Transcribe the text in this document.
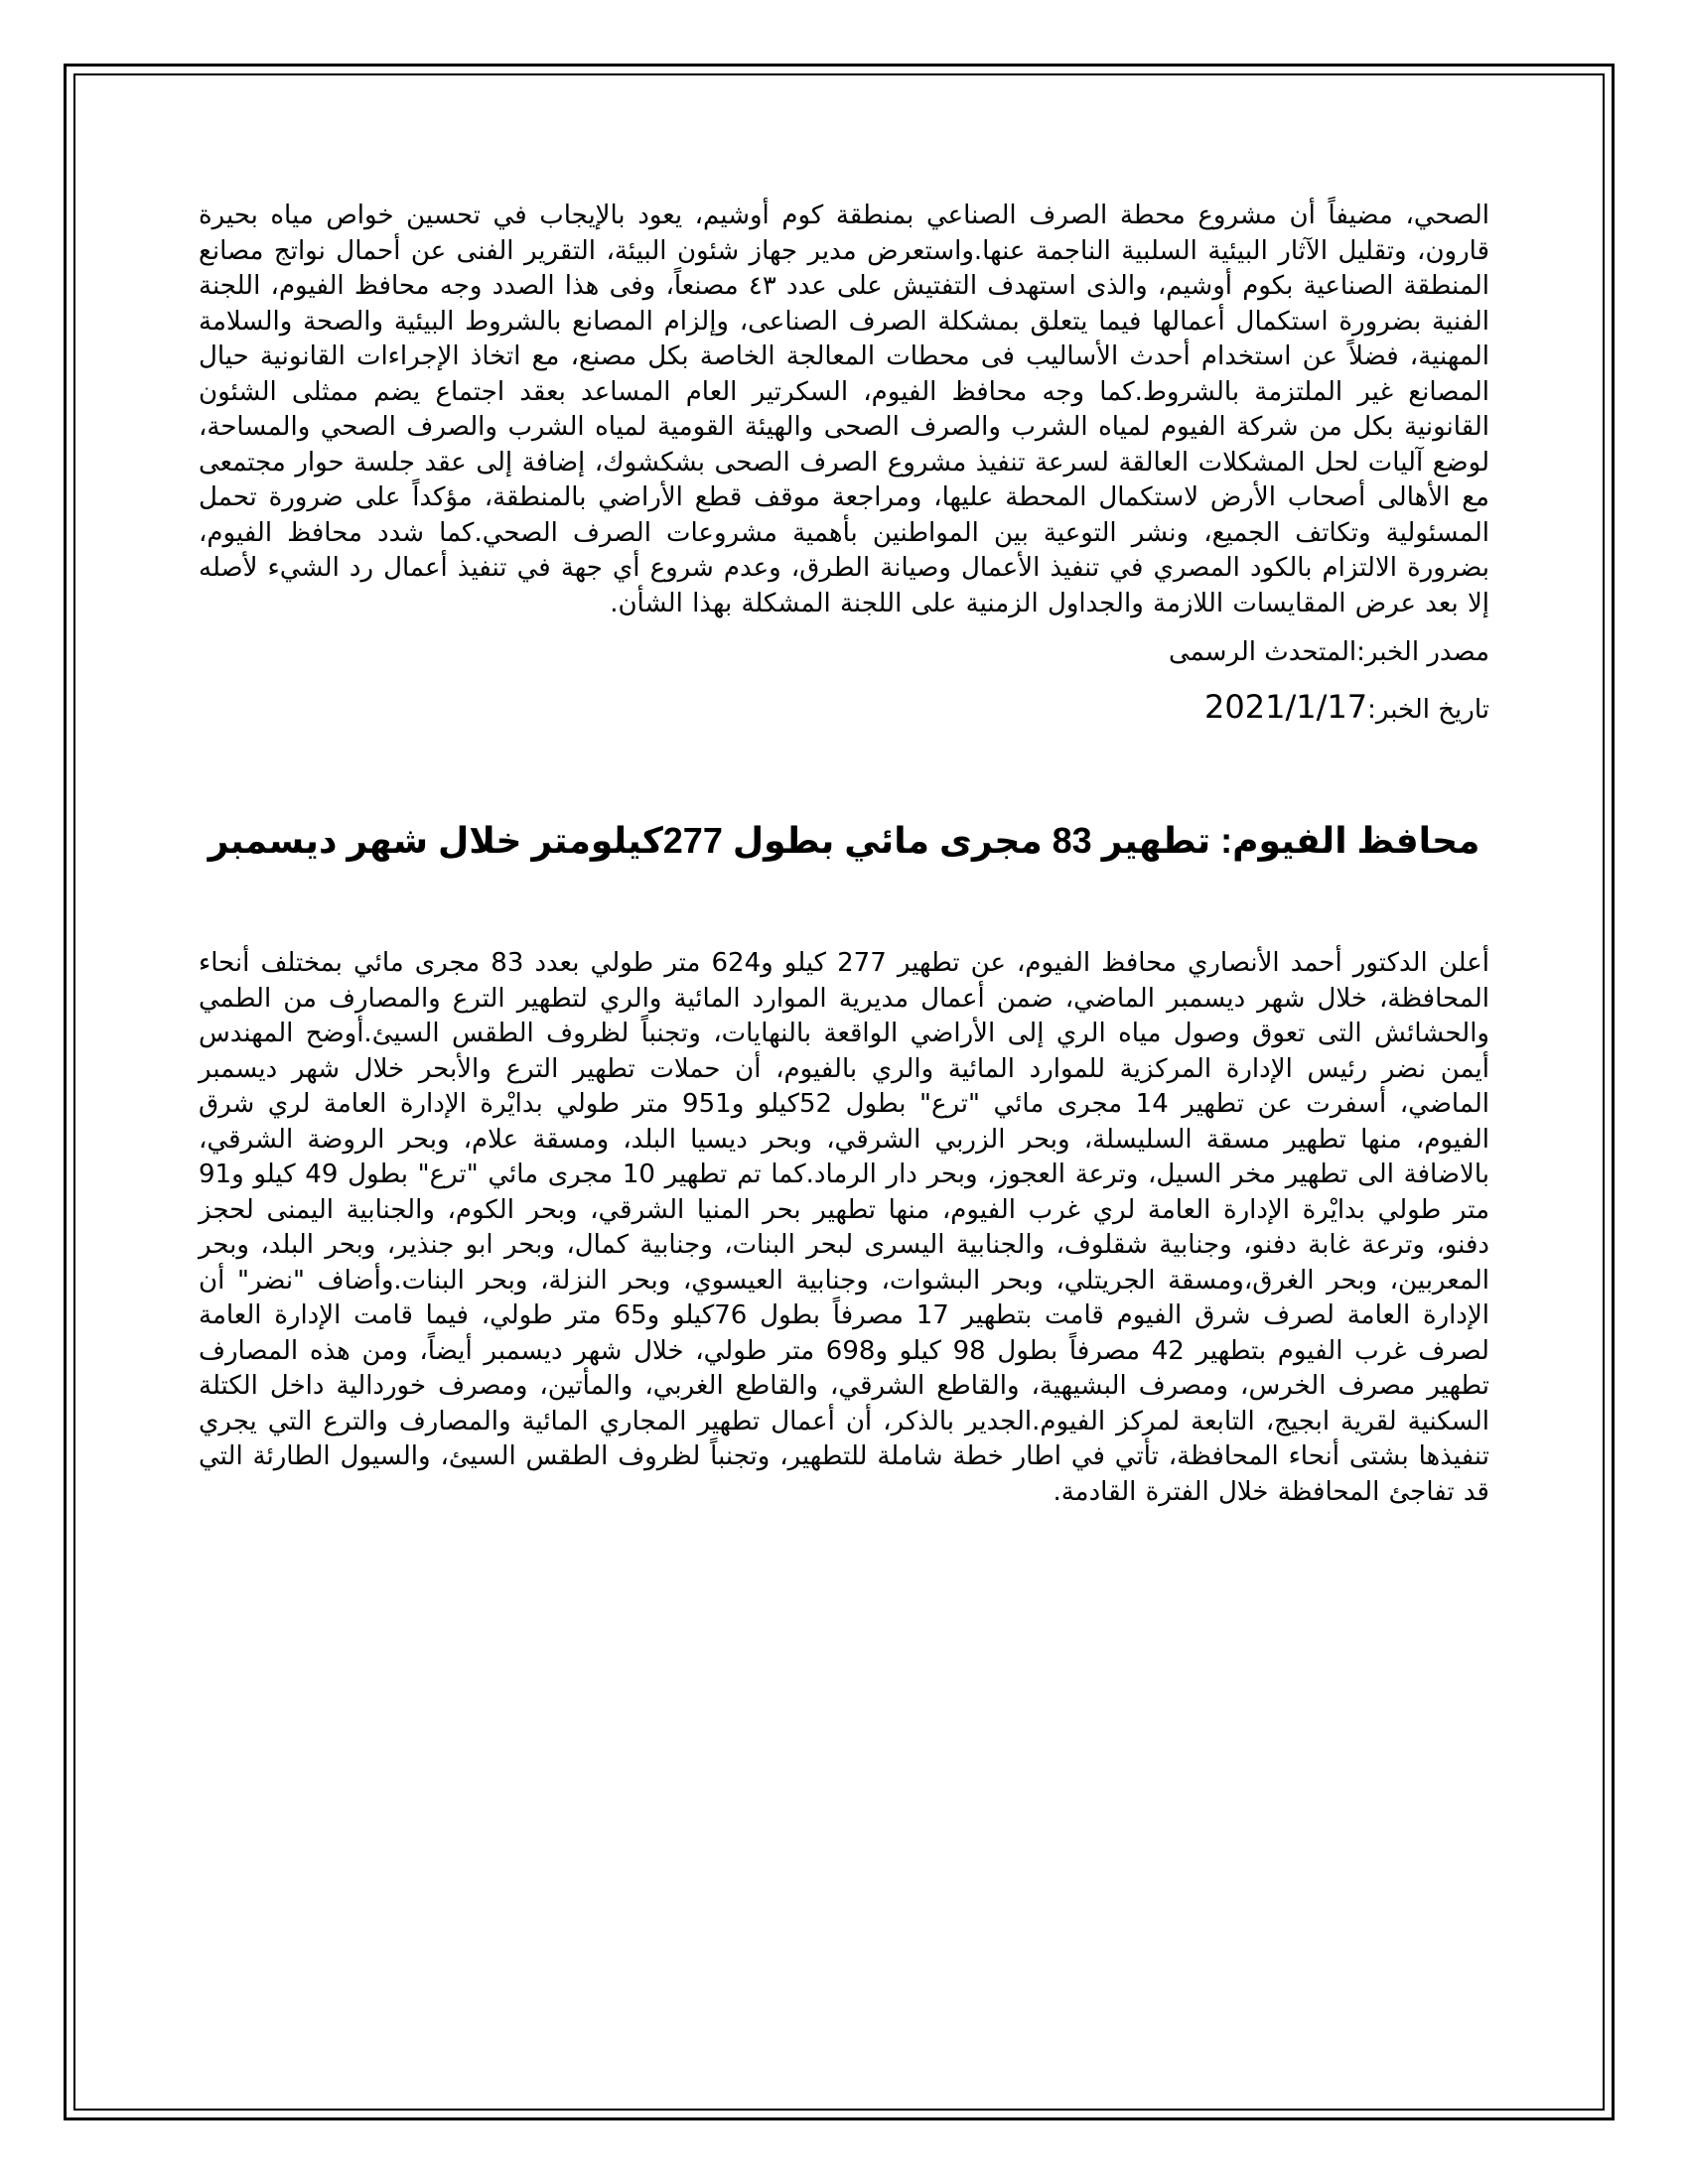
الصحي، مضيفاً أن مشروع محطة الصرف الصناعي بمنطقة كوم أوشيم، يعود بالإيجاب في تحسين خواص مياه بحيرة قارون، وتقليل الآثار البيئية السلبية الناجمة عنها.واستعرض مدير جهاز شئون البيئة، التقرير الفنى عن أحمال نواتج مصانع المنطقة الصناعية بكوم أوشيم، والذى استهدف التفتيش على عدد ٤٣ مصنعاً، وفى هذا الصدد وجه محافظ الفيوم، اللجنة الفنية بضرورة استكمال أعمالها فيما يتعلق بمشكلة الصرف الصناعى، وإلزام المصانع بالشروط البيئية والصحة والسلامة المهنية، فضلاً عن استخدام أحدث الأساليب فى محطات المعالجة الخاصة بكل مصنع، مع اتخاذ الإجراءات القانونية حيال المصانع غير الملتزمة بالشروط.كما وجه محافظ الفيوم، السكرتير العام المساعد بعقد اجتماع يضم ممثلى الشئون القانونية بكل من شركة الفيوم لمياه الشرب والصرف الصحى والهيئة القومية لمياه الشرب والصرف الصحي والمساحة، لوضع آليات لحل المشكلات العالقة لسرعة تنفيذ مشروع الصرف الصحى بشكشوك، إضافة إلى عقد جلسة حوار مجتمعى مع الأهالى أصحاب الأرض لاستكمال المحطة عليها، ومراجعة موقف قطع الأراضي بالمنطقة، مؤكداً على ضرورة تحمل المسئولية وتكاتف الجميع، ونشر التوعية بين المواطنين بأهمية مشروعات الصرف الصحي.كما شدد محافظ الفيوم، بضرورة الالتزام بالكود المصري في تنفيذ الأعمال وصيانة الطرق، وعدم شروع أي جهة في تنفيذ أعمال رد الشيء لأصله إلا بعد عرض المقايسات اللازمة والجداول الزمنية على اللجنة المشكلة بهذا الشأن.

مصدر الخبر:المتحدث الرسمى

تاريخ الخبر:2021/1/17

محافظ الفيوم: تطهير 83 مجرى مائي بطول 277كيلومتر خلال شهر ديسمبر

أعلن الدكتور أحمد الأنصاري محافظ الفيوم، عن تطهير 277 كيلو و624 متر طولي بعدد 83 مجرى مائي بمختلف أنحاء المحافظة، خلال شهر ديسمبر الماضي، ضمن أعمال مديرية الموارد المائية والري لتطهير الترع والمصارف من الطمي والحشائش التى تعوق وصول مياه الري إلى الأراضي الواقعة بالنهايات، وتجنباً لظروف الطقس السيئ.أوضح المهندس أيمن نضر رئيس الإدارة المركزية للموارد المائية والري بالفيوم، أن حملات تطهير الترع والأبحر خلال شهر ديسمبر الماضي، أسفرت عن تطهير 14 مجرى مائي "ترع" بطول 52كيلو و951 متر طولي بدايْرة الإدارة العامة لري شرق الفيوم، منها تطهير مسقة السليسلة، وبحر الزربي الشرقي، وبحر ديسيا البلد، ومسقة علام، وبحر الروضة الشرقي، بالاضافة الى تطهير مخر السيل، وترعة العجوز، وبحر دار الرماد.كما تم تطهير 10 مجرى مائي "ترع" بطول 49 كيلو و91 متر طولي بدايْرة الإدارة العامة لري غرب الفيوم، منها تطهير بحر المنيا الشرقي، وبحر الكوم، والجنابية اليمنى لحجز دفنو، وترعة غابة دفنو، وجنابية شقلوف، والجنابية اليسرى لبحر البنات، وجنابية كمال، وبحر ابو جنذير، وبحر البلد، وبحر المعربين، وبحر الغرق،ومسقة الجريتلي، وبحر البشوات، وجنابية العيسوي، وبحر النزلة، وبحر البنات.وأضاف "نضر" أن الإدارة العامة لصرف شرق الفيوم قامت بتطهير 17 مصرفاً بطول 76كيلو و65 متر طولي، فيما قامت الإدارة العامة لصرف غرب الفيوم بتطهير 42 مصرفاً بطول 98 كيلو و698 متر طولي، خلال شهر ديسمبر أيضاً، ومن هذه المصارف تطهير مصرف الخرس، ومصرف البشيهية، والقاطع الشرقي، والقاطع الغربي، والمأتين، ومصرف خوردالية داخل الكتلة السكنية لقرية ابجيج، التابعة لمركز الفيوم.الجدير بالذكر، أن أعمال تطهير المجاري المائية والمصارف والترع التي يجري تنفيذها بشتى أنحاء المحافظة، تأتي في اطار خطة شاملة للتطهير، وتجنباً لظروف الطقس السيئ، والسيول الطارئة التي قد تفاجئ المحافظة خلال الفترة القادمة.
